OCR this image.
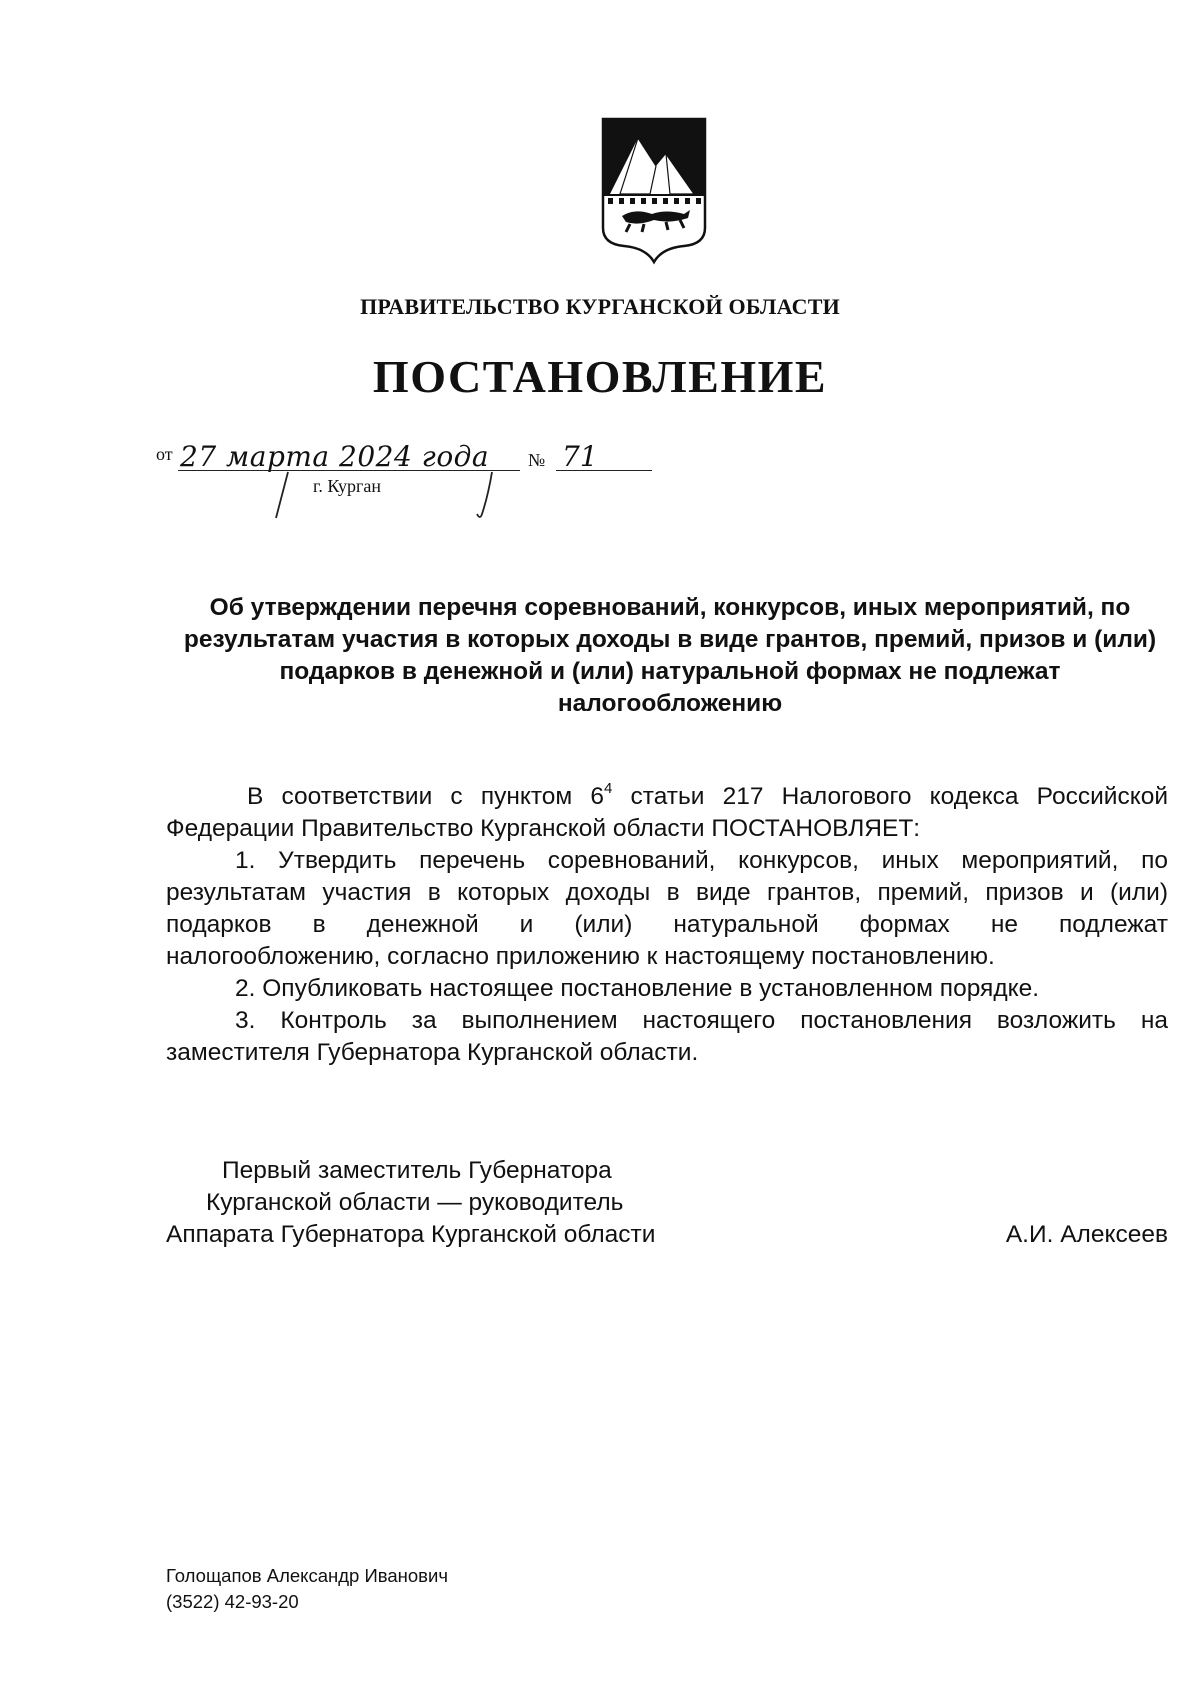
ПРАВИТЕЛЬСТВО КУРГАНСКОЙ ОБЛАСТИ
ПОСТАНОВЛЕНИЕ
от 27 марта 2024 года № 71
г. Курган
Об утверждении перечня соревнований, конкурсов, иных мероприятий, по результатам участия в которых доходы в виде грантов, премий, призов и (или) подарков в денежной и (или) натуральной формах не подлежат налогообложению
В соответствии с пунктом $6^4$ статьи 217 Налогового кодекса Российской
Федерации Правительство Курганской области ПОСТАНОВЛЯЕТ:
1. Утвердить перечень соревнований, конкурсов, иных мероприятий, по
результатам участия в которых доходы в виде грантов, премий, призов и (или)
подарков в денежной и (или) натуральной формах не подлежат
налогообложению, согласно приложению к настоящему постановлению.
2. Опубликовать настоящее постановление в установленном порядке.
3. Контроль за выполнением настоящего постановления возложить на
заместителя Губернатора Курганской области.
Первый заместитель Губернатора
Курганской области — руководитель
Аппарата Губернатора Курганской области	А.И. Алексеев
Голощапов Александр Иванович
(3522) 42-93-20
